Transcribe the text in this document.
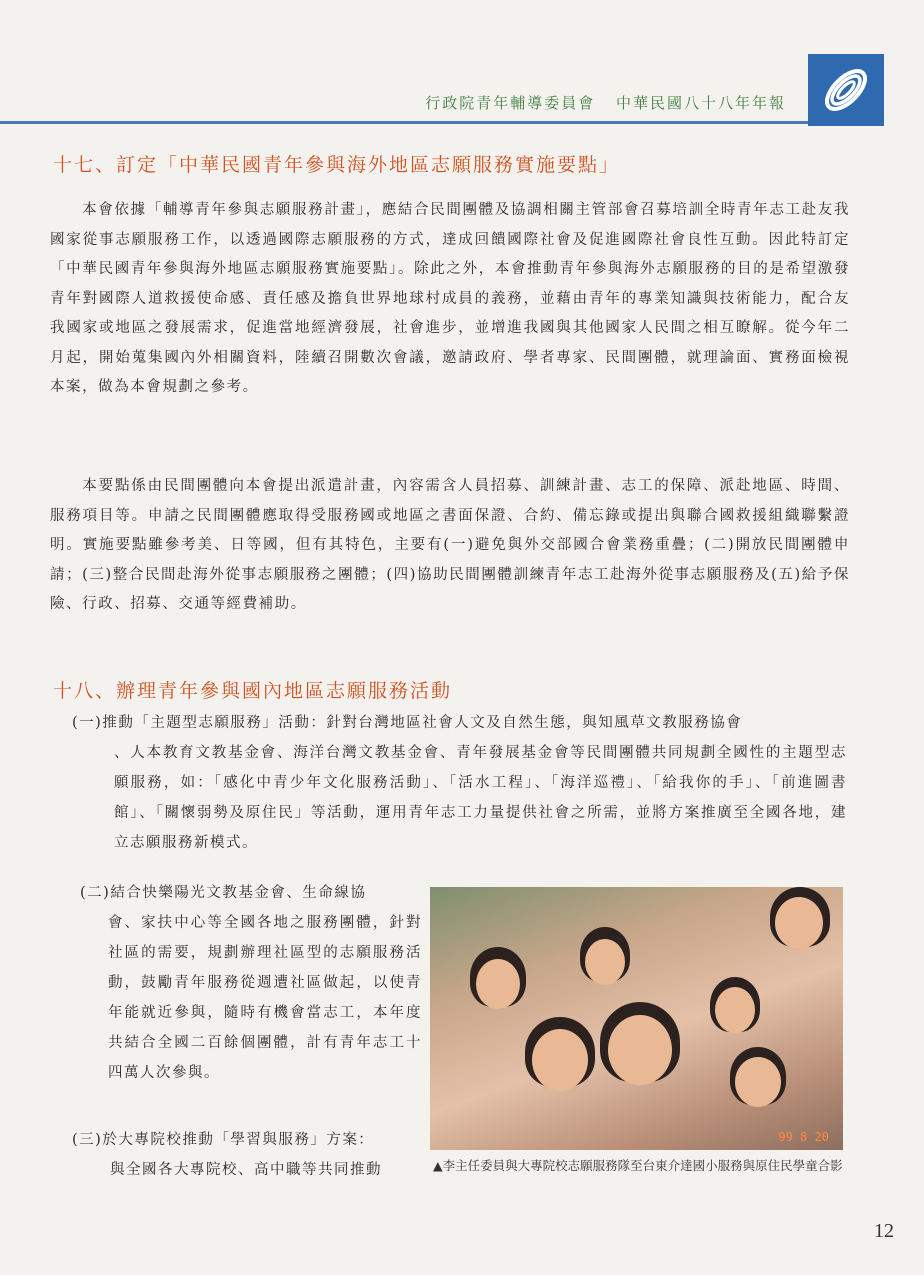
行政院青年輔導委員會 中華民國八十八年年報
十七、訂定「中華民國青年參與海外地區志願服務實施要點」
本會依據「輔導青年參與志願服務計畫」，應結合民間團體及協調相關主管部會召募培訓全時青年志工赴友我國家從事志願服務工作，以透過國際志願服務的方式，達成回饋國際社會及促進國際社會良性互動。因此特訂定「中華民國青年參與海外地區志願服務實施要點」。除此之外，本會推動青年參與海外志願服務的目的是希望激發青年對國際人道救援使命感、責任感及擔負世界地球村成員的義務，並藉由青年的專業知識與技術能力，配合友我國家或地區之發展需求，促進當地經濟發展，社會進步，並增進我國與其他國家人民間之相互瞭解。從今年二月起，開始蒐集國內外相關資料，陸續召開數次會議，邀請政府、學者專家、民間團體，就理論面、實務面檢視本案，做為本會規劃之參考。
本要點係由民間團體向本會提出派遣計畫，內容需含人員招募、訓練計畫、志工的保障、派赴地區、時間、服務項目等。申請之民間團體應取得受服務國或地區之書面保證、合約、備忘錄或提出與聯合國救援組織聯繫證明。實施要點雖參考美、日等國，但有其特色，主要有(一)避免與外交部國合會業務重疊；(二)開放民間團體申請；(三)整合民間赴海外從事志願服務之團體；(四)協助民間團體訓練青年志工赴海外從事志願服務及(五)給予保險、行政、招募、交通等經費補助。
十八、辦理青年參與國內地區志願服務活動
(一)推動「主題型志願服務」活動：針對台灣地區社會人文及自然生態，與知風草文教服務協會
、人本教育文教基金會、海洋台灣文教基金會、青年發展基金會等民間團體共同規劃全國性的主題型志願服務，如：「感化中青少年文化服務活動」、「活水工程」、「海洋巡禮」、「給我你的手」、「前進圖書館」、「關懷弱勢及原住民」等活動，運用青年志工力量提供社會之所需，並將方案推廣至全國各地，建立志願服務新模式。
(二)結合快樂陽光文教基金會、生命線協
會、家扶中心等全國各地之服務團體，針對社區的需要，規劃辦理社區型的志願服務活動，鼓勵青年服務從週遭社區做起，以使青年能就近參與，隨時有機會當志工，本年度共結合全國二百餘個團體，計有青年志工十四萬人次參與。
(三)於大專院校推動「學習與服務」方案：
與全國各大專院校、高中職等共同推動
99 8 20
▲李主任委員與大專院校志願服務隊至台東介達國小服務與原住民學童合影
12
